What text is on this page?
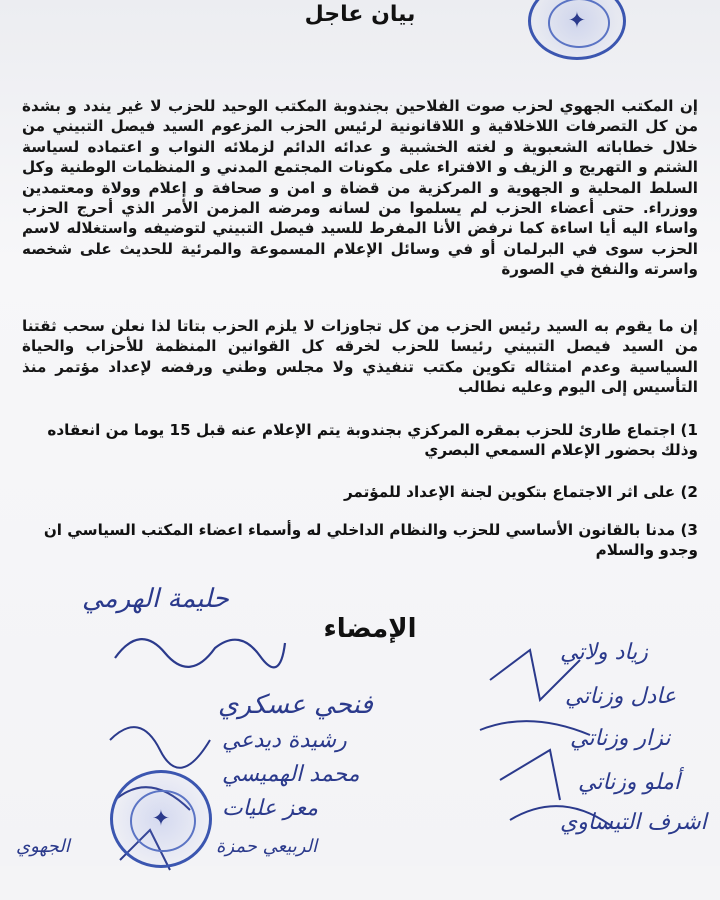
✦
بيان عاجل
إن المكتب الجهوي لحزب صوت الفلاحين بجندوبة المكتب الوحيد للحزب لا غير يندد و بشدة من كل التصرفات اللاخلاقية و اللاقانونية لرئيس الحزب المزعوم السيد فيصل التبيني من خلال خطاباته الشعبوية و لغته الخشبية و عدائه الدائم لزملائه النواب و اعتماده لسياسة الشتم و التهريج و الزيف و الافتراء على مكونات المجتمع المدني و المنظمات الوطنية وكل السلط المحلية و الجهوية و المركزية من قضاة و امن و صحافة و إعلام وولاة ومعتمدين ووزراء. حتى أعضاء الحزب لم يسلموا من لسانه ومرضه المزمن الأمر الذي أحرج الحزب واساء اليه أيا اساءة كما نرفض الأنا المفرط للسيد فيصل التبيني لتوضيفه واستغلاله لاسم الحزب سوى في البرلمان أو في وسائل الإعلام المسموعة والمرئية للحديث على شخصه واسرته والنفخ في الصورة
إن ما يقوم به السيد رئيس الحزب من كل تجاوزات لا يلزم الحزب بتاتا لذا نعلن سحب ثقتنا من السيد فيصل التبيني رئيسا للحزب لخرقه كل القوانين المنظمة للأحزاب والحياة السياسية وعدم امتثاله تكوين مكتب تنفيذي ولا مجلس وطني ورفضه لإعداد مؤتمر منذ التأسيس إلى اليوم وعليه نطالب
1) اجتماع طارئ للحزب بمقره المركزي بجندوبة يتم الإعلام عنه قبل 15 يوما من انعقاده وذلك بحضور الإعلام السمعي البصري
2) على اثر الاجتماع بتكوين لجنة الإعداد للمؤتمر
3) مدنا بالقانون الأساسي للحزب والنظام الداخلي له وأسماء اعضاء المكتب السياسي ان وجدو والسلام
الإمضاء
حليمة الهرمي
زياد ولاتي
عادل وزناتي
فنحي عسكري
نزار وزناتي
رشيدة ديدعي
محمد الهميسي	أملو وزناتي
معز عليات
اشرف التيساوي
الربيعي حمزة
الجهوي
✦
